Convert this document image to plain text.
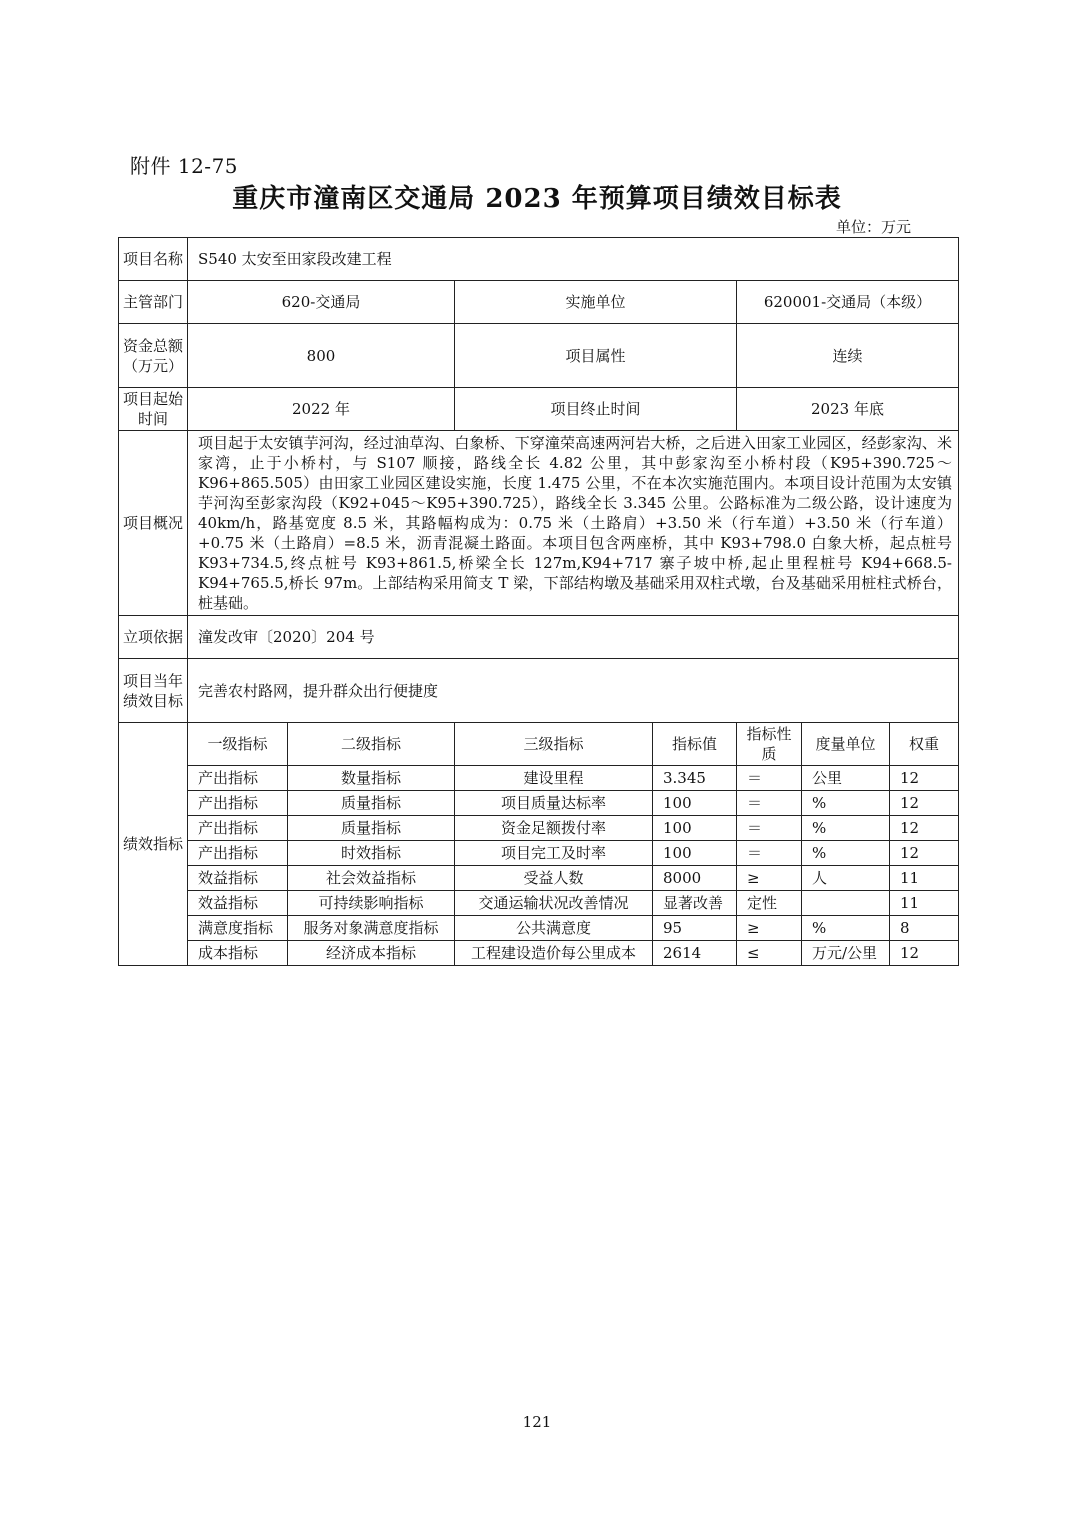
附件 12-75
重庆市潼南区交通局 2023 年预算项目绩效目标表
单位：万元
项目名称	S540 太安至田家段改建工程						
主管部门	620-交通局		实施单位		620001-交通局（本级）		
资金总额（万元）	800		项目属性		连续		
项目起始时间	2022 年		项目终止时间		2023 年底		
项目概况	项目起于太安镇芋河沟，经过油草沟、白象桥、下穿潼荣高速两河岩大桥，之后进入田家工业园区，经彭家沟、米家湾，止于小桥村，与 S107 顺接，路线全长 4.82 公里，其中彭家沟至小桥村段（K95+390.725～K96+865.505）由田家工业园区建设实施，长度 1.475 公里，不在本次实施范围内。本项目设计范围为太安镇芋河沟至彭家沟段（K92+045～K95+390.725），路线全长 3.345 公里。公路标准为二级公路，设计速度为 40km/h，路基宽度 8.5 米，其路幅构成为：0.75 米（土路肩）+3.50 米（行车道）+3.50 米（行车道）+0.75 米（土路肩）=8.5 米，沥青混凝土路面。本项目包含两座桥，其中 K93+798.0 白象大桥，起点桩号 K93+734.5,终点桩号 K93+861.5,桥梁全长 127m,K94+717 寨子坡中桥,起止里程桩号 K94+668.5-K94+765.5,桥长 97m。上部结构采用简支 T 梁，下部结构墩及基础采用双柱式墩，台及基础采用桩柱式桥台，桩基础。						
立项依据	潼发改审〔2020〕204 号						
项目当年绩效目标	完善农村路网，提升群众出行便捷度						
绩效指标	一级指标	二级指标	三级指标	指标值	指标性质	度量单位	权重
	产出指标	数量指标	建设里程	3.345	＝	公里	12
	产出指标	质量指标	项目质量达标率	100	＝	%	12
	产出指标	质量指标	资金足额拨付率	100	＝	%	12
	产出指标	时效指标	项目完工及时率	100	＝	%	12
	效益指标	社会效益指标	受益人数	8000	≥	人	11
	效益指标	可持续影响指标	交通运输状况改善情况	显著改善	定性		11
	满意度指标	服务对象满意度指标	公共满意度	95	≥	%	8
	成本指标	经济成本指标	工程建设造价每公里成本	2614	≤	万元/公里	12
121
